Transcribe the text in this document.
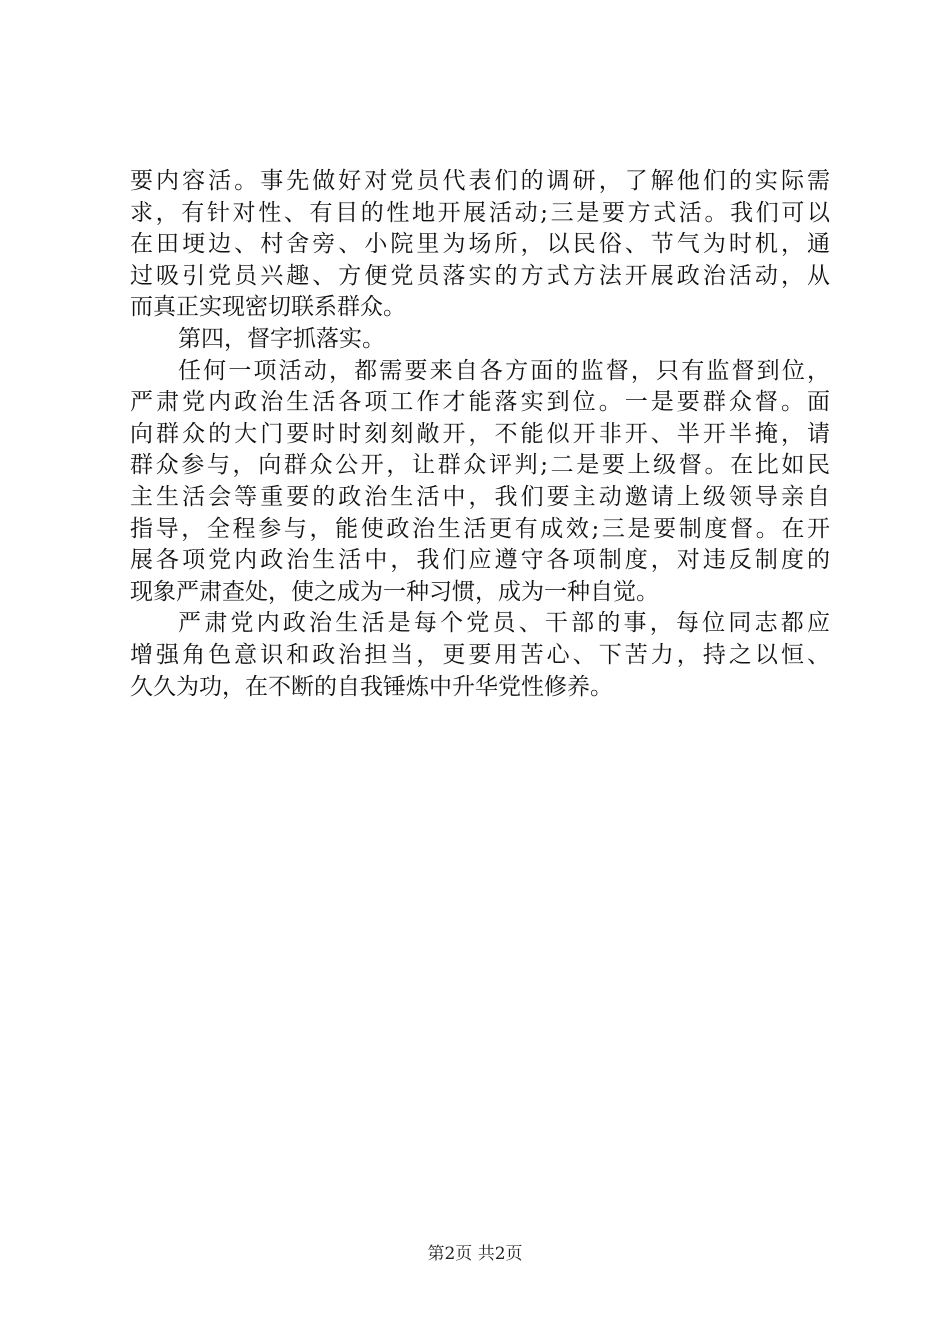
要内容活。事先做好对党员代表们的调研，了解他们的实际需
求，有针对性、有目的性地开展活动;三是要方式活。我们可以
在田埂边、村舍旁、小院里为场所，以民俗、节气为时机，通
过吸引党员兴趣、方便党员落实的方式方法开展政治活动，从
而真正实现密切联系群众。
第四，督字抓落实。
任何一项活动，都需要来自各方面的监督，只有监督到位，
严肃党内政治生活各项工作才能落实到位。一是要群众督。面
向群众的大门要时时刻刻敞开，不能似开非开、半开半掩，请
群众参与，向群众公开，让群众评判;二是要上级督。在比如民
主生活会等重要的政治生活中，我们要主动邀请上级领导亲自
指导，全程参与，能使政治生活更有成效;三是要制度督。在开
展各项党内政治生活中，我们应遵守各项制度，对违反制度的
现象严肃查处，使之成为一种习惯，成为一种自觉。
严肃党内政治生活是每个党员、干部的事，每位同志都应
增强角色意识和政治担当，更要用苦心、下苦力，持之以恒、
久久为功，在不断的自我锤炼中升华党性修养。
第2页 共2页
